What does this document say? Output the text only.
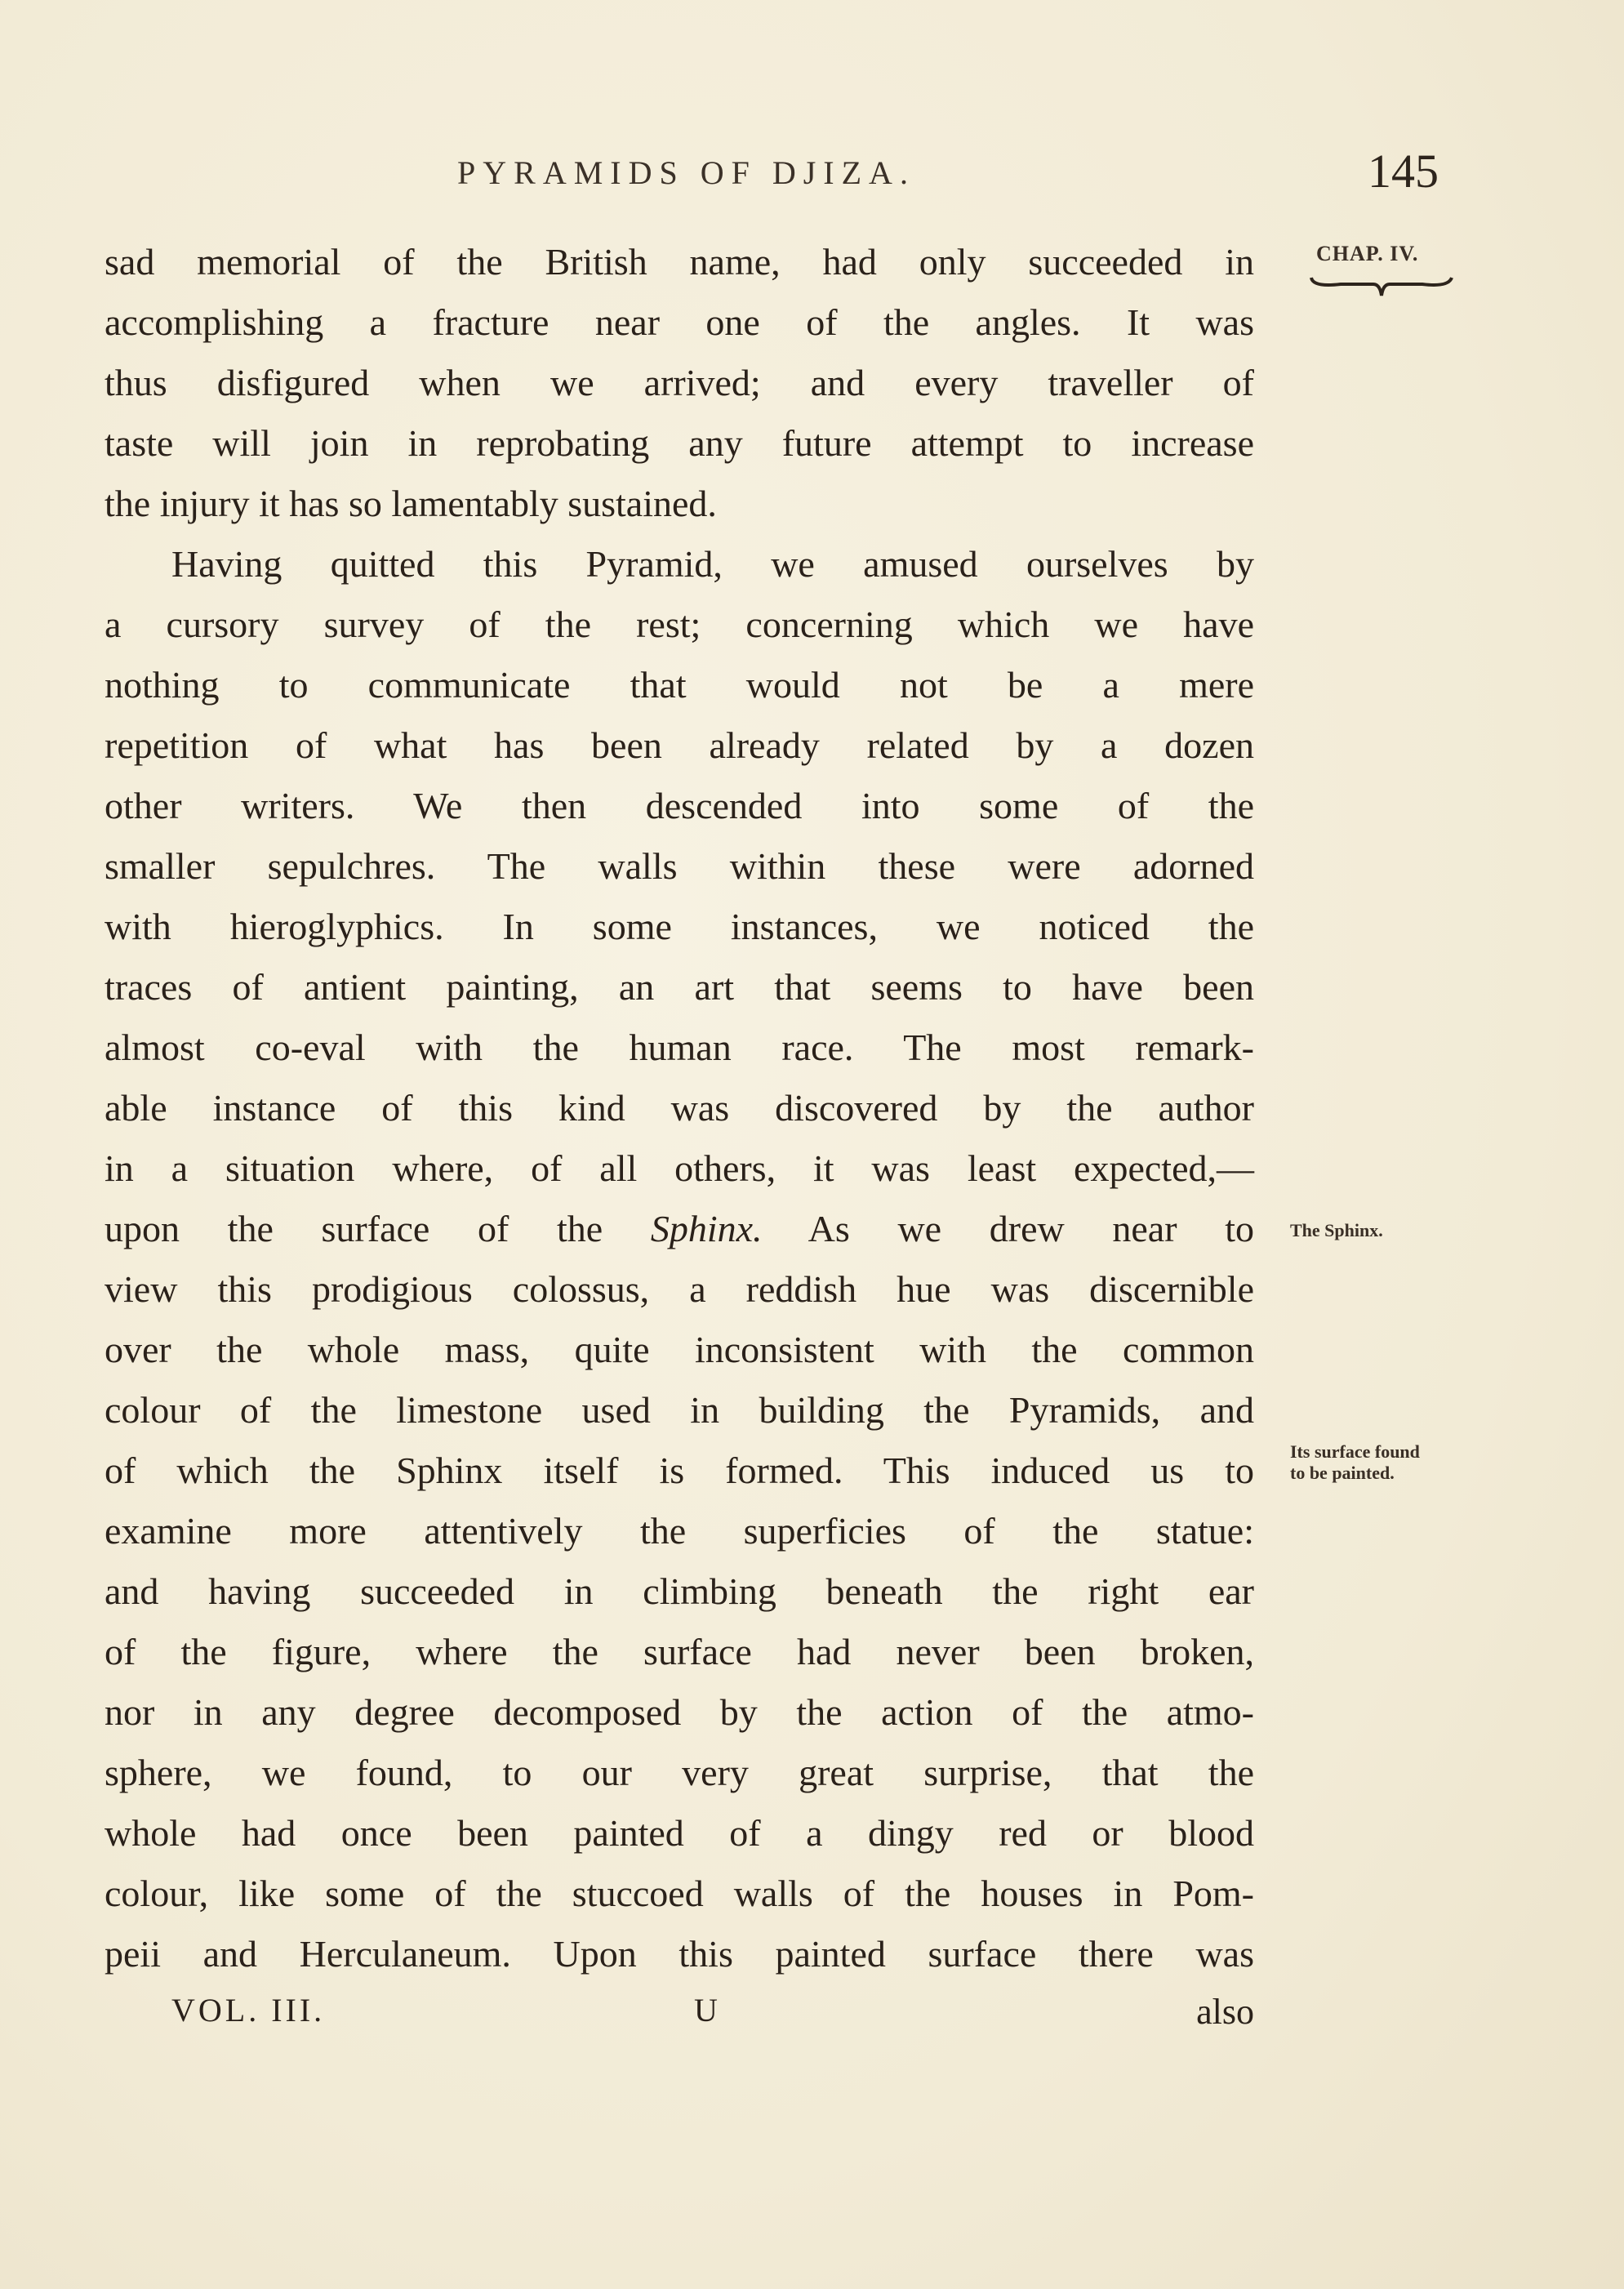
PYRAMIDS OF DJIZA.	145
CHAP. IV.
sad memorial of the British name, had only succeeded in
accomplishing a fracture near one of the angles. It was
thus disfigured when we arrived; and every traveller of
taste will join in reprobating any future attempt to increase
the injury it has so lamentably sustained.
Having quitted this Pyramid, we amused ourselves by
a cursory survey of the rest; concerning which we have
nothing to communicate that would not be a mere
repetition of what has been already related by a dozen
other writers. We then descended into some of the
smaller sepulchres. The walls within these were adorned
with hieroglyphics. In some instances, we noticed the
traces of antient painting, an art that seems to have been
almost co-eval with the human race. The most remark-
able instance of this kind was discovered by the author
in a situation where, of all others, it was least expected,—
upon the surface of the Sphinx. As we drew near to
view this prodigious colossus, a reddish hue was discernible
over the whole mass, quite inconsistent with the common
colour of the limestone used in building the Pyramids, and
of which the Sphinx itself is formed. This induced us to
examine more attentively the superficies of the statue:
and having succeeded in climbing beneath the right ear
of the figure, where the surface had never been broken,
nor in any degree decomposed by the action of the atmo-
sphere, we found, to our very great surprise, that the
whole had once been painted of a dingy red or blood
colour, like some of the stuccoed walls of the houses in Pom-
peii and Herculaneum. Upon this painted surface there was
The Sphinx.
Its surface found to be painted.
VOL. III.	U	also
